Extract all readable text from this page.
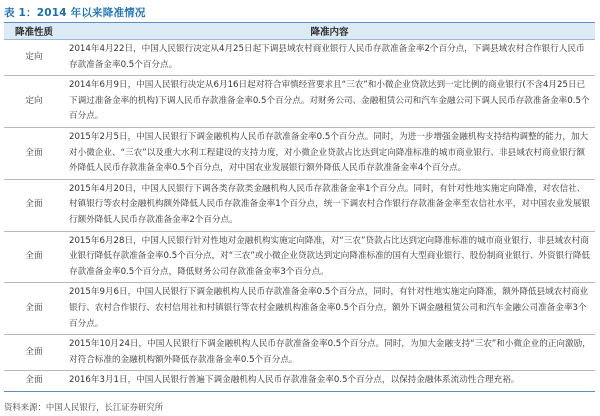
表 1：2014 年以来降准情况
降准性质	降准内容
定向	2014年4月22日，中国人民银行决定从4月25日起下调县域农村商业银行人民币存款准备金率2个百分点，下调县域农村合作银行人民币存款准备金率0.5个百分点。
定向	2014年6月9日，中国人民银行决定从6月16日起对符合审慎经营要求且“三农”和小微企业贷款达到一定比例的商业银行(不含4月25日已下调过准备金率的机构)下调人民币存款准备金率0.5个百分点。对财务公司、金融租赁公司和汽车金融公司下调人民币存款准备金率0.5个百分点。
全面	2015年2月5日，中国人民银行下调金融机构人民币存款准备金率0.5个百分点。同时，为进一步增强金融机构支持结构调整的能力，加大对小微企业、“三农”以及重大水利工程建设的支持力度，对小微企业贷款占比达到定向降准标准的城市商业银行、非县域农村商业银行额外降低人民币存款准备金率0.5个百分点，对中国农业发展银行额外降低人民币存款准备金率4个百分点。
全面	2015年4月20日，中国人民银行下调各类存款类金融机构人民币存款准备金率1个百分点。同时，有针对性地实施定向降准，对农信社、村镇银行等农村金融机构额外降低人民币存款准备金率1个百分点，统一下调农村合作银行存款准备金率至农信社水平，对中国农业发展银行额外降低人民币存款准备金率2个百分点。
全面	2015年6月28日，中国人民银行针对性地对金融机构实施定向降准，对“三农”贷款占比达到定向降准标准的城市商业银行、非县域农村商业银行降低存款准备金率0.5个百分点，对“三农”或小微企业贷款达到定向降准标准的国有大型商业银行、股份制商业银行、外资银行降低存款准备金率0.5个百分点，降低财务公司存款准备金率3个百分点。
全面	2015年9月6日，中国人民银行下调金融机构人民币存款准备金率0.5个百分点，同时，有针对性地实施定向降准，额外降低县域农村商业银行、农村合作银行、农村信用社和村镇银行等农村金融机构准备金率0.5个百分点，额外下调金融租赁公司和汽车金融公司准备金率3个百分点。
全面	2015年10月24日，中国人民银行下调金融机构人民币存款准备金率0.5个百分点。同时，为加大金融支持“三农”和小微企业的正向激励，对符合标准的金融机构额外降低存款准备金率0.5个百分点。
全面	2016年3月1日，中国人民银行普遍下调金融机构人民币存款准备金率0.5个百分点，以保持金融体系流动性合理充裕。
资料来源：中国人民银行，长江证券研究所
